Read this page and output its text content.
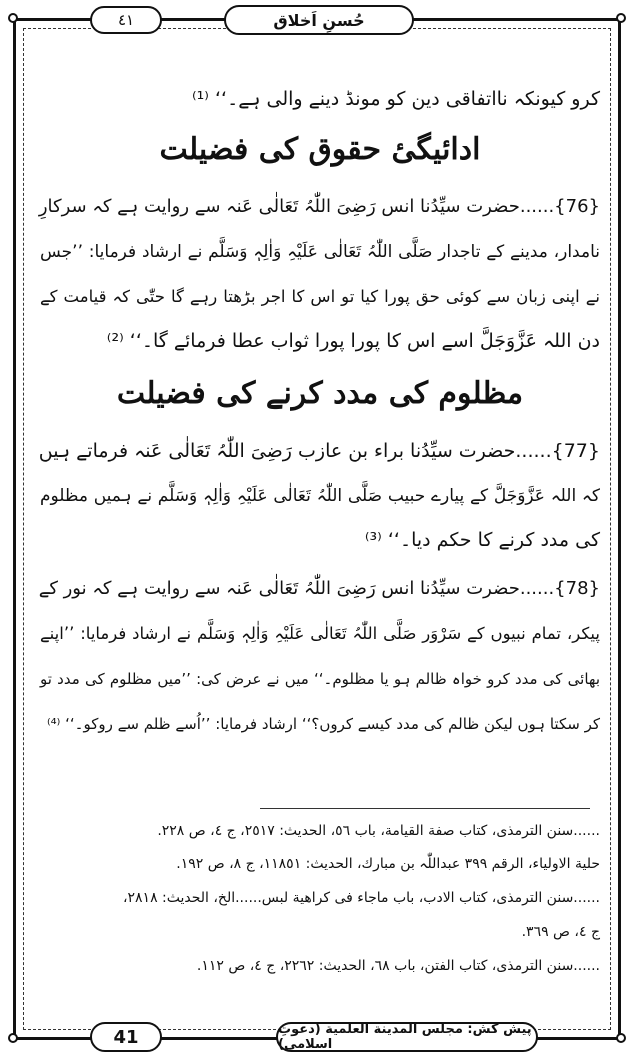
حُسنِ اَخلاق
٤١
کرو کیونکہ نااتفاقی دین کو مونڈ دینے والی ہے۔‘‘ ⁽¹⁾
ادائیگیٔ حقوق کی فضیلت
{76}......حضرت سیِّدُنا انس رَضِیَ اللّٰہُ تَعَالٰی عَنہ سے روایت ہے کہ سرکارِ
نامدار، مدینے کے تاجدار صَلَّی اللّٰہُ تَعَالٰی عَلَیْہِ وَاٰلِہٖ وَسَلَّم نے ارشاد فرمایا: ’’جس
نے اپنی زبان سے کوئی حق پورا کیا تو اس کا اجر بڑھتا رہے گا حتّٰی کہ قیامت کے
دن اللہ عَزَّوَجَلَّ اسے اس کا پورا پورا ثواب عطا فرمائے گا۔‘‘ ⁽²⁾
مظلوم کی مدد کرنے کی فضیلت
{77}......حضرت سیِّدُنا براء بن عازب رَضِیَ اللّٰہُ تَعَالٰی عَنہ فرماتے ہیں
کہ اللہ عَزَّوَجَلَّ کے پیارے حبیب صَلَّی اللّٰہُ تَعَالٰی عَلَیْہِ وَاٰلِہٖ وَسَلَّم نے ہمیں مظلوم
کی مدد کرنے کا حکم دیا۔‘‘ ⁽³⁾
{78}......حضرت سیِّدُنا انس رَضِیَ اللّٰہُ تَعَالٰی عَنہ سے روایت ہے کہ نور کے
پیکر، تمام نبیوں کے سَرْوَر صَلَّی اللّٰہُ تَعَالٰی عَلَیْہِ وَاٰلِہٖ وَسَلَّم نے ارشاد فرمایا: ’’اپنے
بھائی کی مدد کرو خواہ ظالم ہو یا مظلوم۔‘‘ میں نے عرض کی: ’’میں مظلوم کی مدد تو
کر سکتا ہوں لیکن ظالم کی مدد کیسے کروں؟‘‘ ارشاد فرمایا: ’’اُسے ظلم سے روکو۔‘‘ ⁽⁴⁾
......سنن الترمذی، کتاب صفة القیامة، باب ٥٦، الحدیث: ٢٥١٧، ج ٤، ص ٢٢٨.
حلیة الاولیاء، الرقم ٣٩٩ عبداللّٰہ بن مبارك، الحدیث: ١١٨٥١، ج ٨، ص ١٩٢.
......سنن الترمذی، کتاب الادب، باب ماجاء فی کراهیة لبس......الخ، الحدیث: ٢٨١٨،
ج ٤، ص ٣٦٩.
......سنن الترمذی، کتاب الفتن، باب ٦٨، الحدیث: ٢٢٦٢، ج ٤، ص ١١٢.
41	پیش کش: مجلس المدینة العلمیة (دعوتِ اسلامی)
